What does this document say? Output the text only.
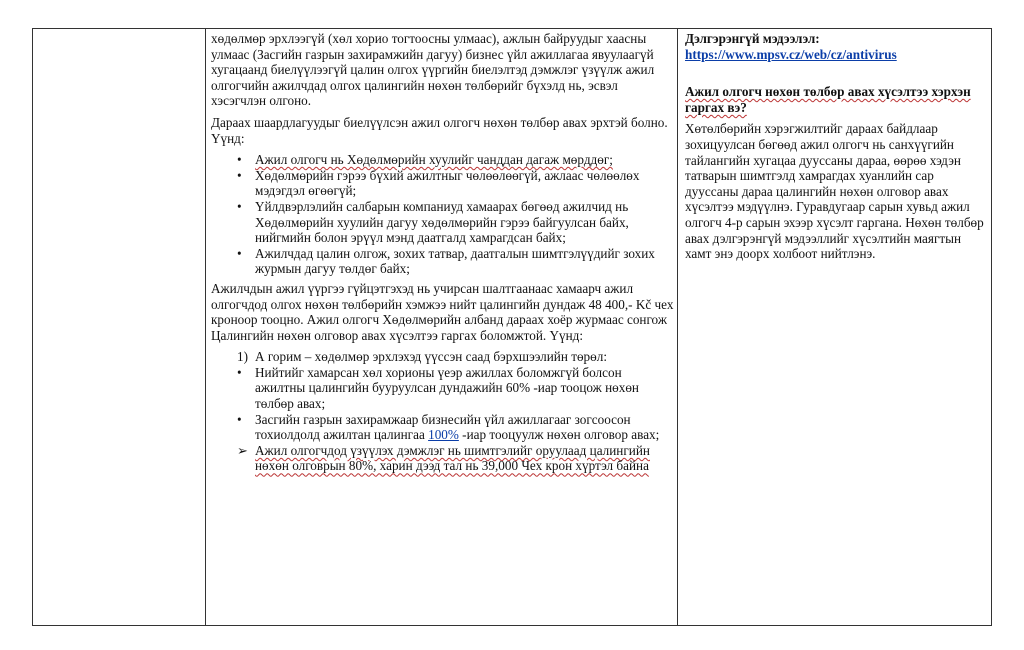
хөдөлмөр эрхлээгүй (хөл хорио тогтоосны улмаас), ажлын байруудыг хаасны улмаас (Засгийн газрын захирамжийн дагуу) бизнес үйл ажиллагаа явуулаагүй хугацаанд биелүүлээгүй цалин олгох үүргийн биелэлтэд дэмжлэг үзүүлж ажил олгогчийн ажилчдад олгох цалингийн нөхөн төлбөрийг бүхэлд нь, эсвэл хэсэгчлэн олгоно.

Дараах шаардлагуудыг биелүүлсэн ажил олгогч нөхөн төлбөр авах эрхтэй болно. Үүнд:

• Ажил олгогч нь Хөдөлмөрийн хуулийг чанддан дагаж мөрддөг;
• Хөдөлмөрийн гэрээ бүхий ажилтныг чөлөөлөөгүй, ажлаас чөлөөлөх мэдэгдэл өгөөгүй;
• Үйлдвэрлэлийн салбарын компаниуд хамаарах бөгөөд ажилчид нь Хөдөлмөрийн хуулийн дагуу хөдөлмөрийн гэрээ байгуулсан байх, нийгмийн болон эрүүл мэнд даатгалд хамрагдсан байх;
• Ажилчдад цалин олгож, зохих татвар, даатгалын шимтгэлүүдийг зохих журмын дагуу төлдөг байх;

Ажилчдын ажил үүргээ гүйцэтгэхэд нь учирсан шалтгаанаас хамаарч ажил олгогчдод олгох нөхөн төлбөрийн хэмжээ нийт цалингийн дундаж 48 400,- Kč чех кроноор тооцно. Ажил олгогч Хөдөлмөрийн албанд дараах хоёр журмаас сонгож Цалингийн нөхөн олговор авах хүсэлтээ гаргах боломжтой. Үүнд:

1) А горим – хөдөлмөр эрхлэхэд үүссэн саад бэрхшээлийн төрөл:
• Нийтийг хамарсан хөл хорионы үеэр ажиллах боломжгүй болсон ажилтны цалингийн бууруулсан дундажийн 60% -иар тооцож нөхөн төлбөр авах;
• Засгийн газрын захирамжаар бизнесийн үйл ажиллагааг зогсоосон тохиолдолд ажилтан цалингаа 100% -иар тооцуулж нөхөн олговор авах;
➢ Ажил олгогчдод үзүүлэх дэмжлэг нь шимтгэлийг оруулаад цалингийн нөхөн олговрын 80%, харин дээд тал нь 39,000 Чех крон хүртэл байна

Дэлгэрэнгүй мэдээлэл:

https://www.mpsv.cz/web/cz/antivirus

Ажил олгогч нөхөн төлбөр авах хүсэлтээ хэрхэн гаргах вэ?

Хөтөлбөрийн хэрэгжилтийг дараах байдлаар зохицуулсан бөгөөд ажил олгогч нь санхүүгийн тайлангийн хугацаа дууссаны дараа, өөрөө хэдэн татварын шимтгэлд хамрагдах хуанлийн сар дууссаны дараа цалингийн нөхөн олговор авах хүсэлтээ мэдүүлнэ. Гуравдугаар сарын хувьд ажил олгогч 4-р сарын эхээр хүсэлт гаргана. Нөхөн төлбөр авах дэлгэрэнгүй мэдээллийг хүсэлтийн маягтын хамт энэ доорх холбоот нийтлэнэ.
